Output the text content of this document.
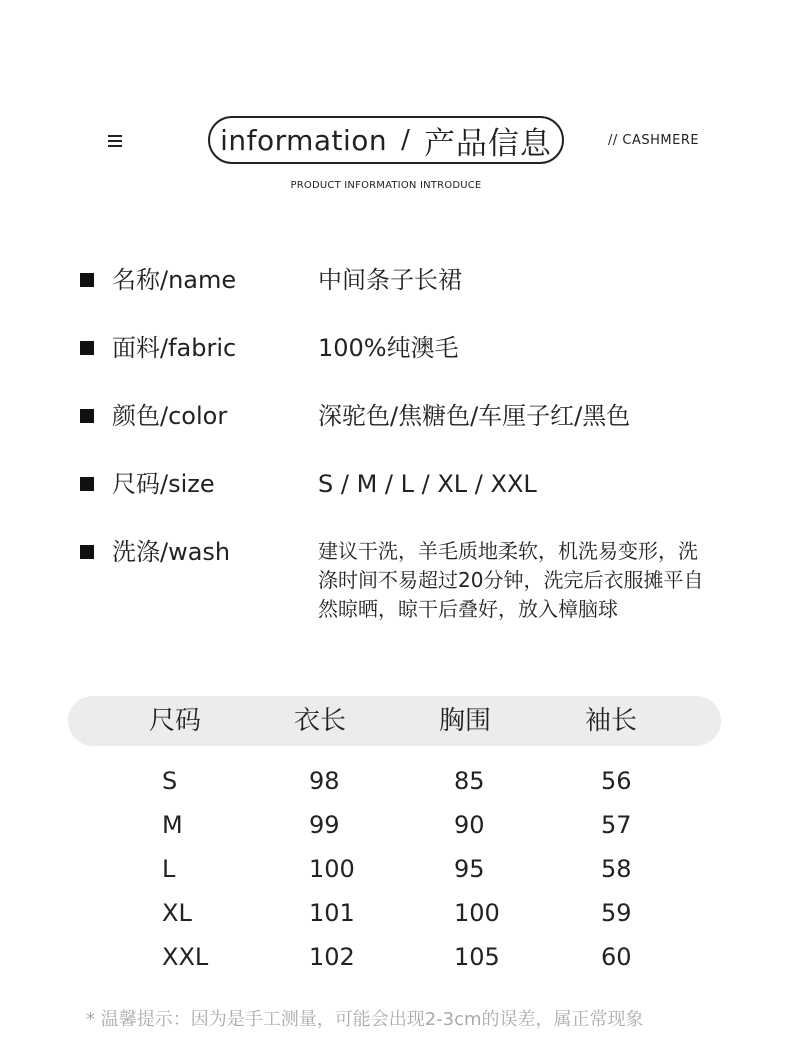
information / 产品信息	// CASHMERE
PRODUCT INFORMATION INTRODUCE
名称/name	中间条子长裙
面料/fabric	100%纯澳毛
颜色/color	深驼色/焦糖色/车厘子红/黑色
尺码/size	S / M / L / XL / XXL
洗涤/wash	建议干洗，羊毛质地柔软，机洗易变形，洗
涤时间不易超过20分钟，洗完后衣服摊平自
然晾晒，晾干后叠好，放入樟脑球
尺码	衣长	胸围	袖长
S	98	85	56
M	99	90	57
L	100	95	58
XL	101	100	59
XXL	102	105	60
* 温馨提示：因为是手工测量，可能会出现2-3cm的误差，属正常现象
